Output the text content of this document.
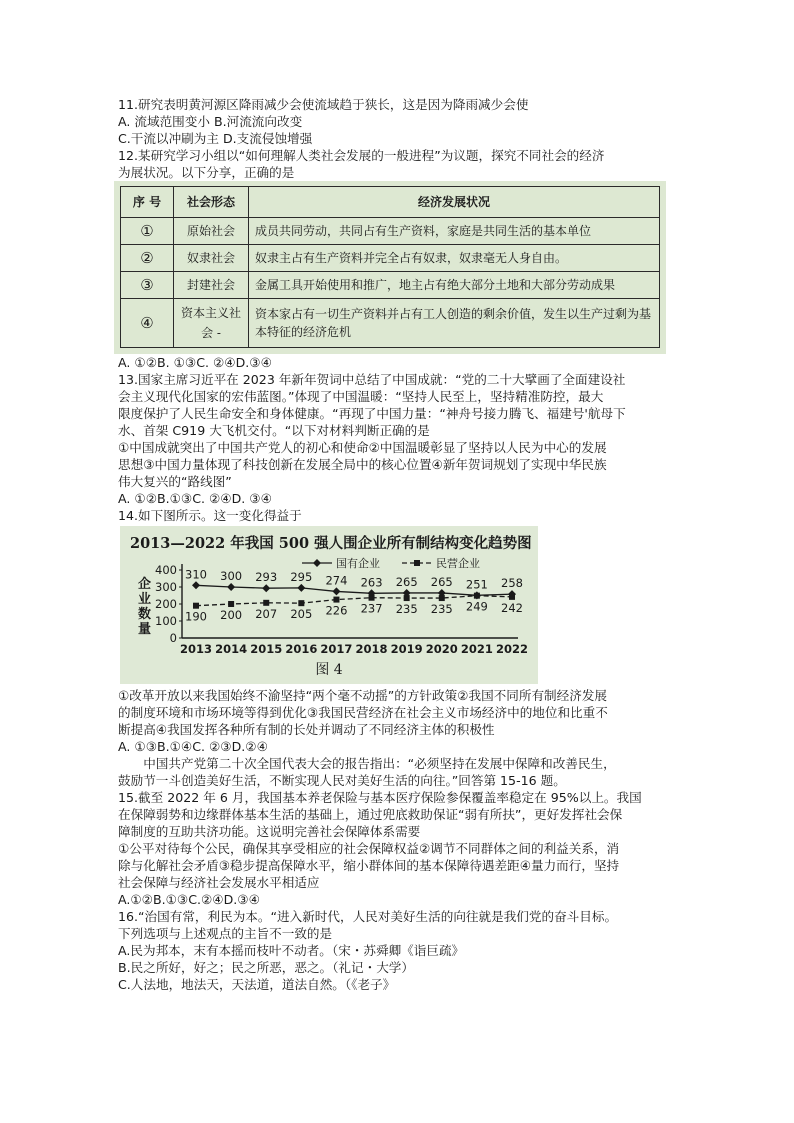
11.研究表明黄河源区降雨减少会使流域趋于狭长，这是因为降雨减少会使
A. 流域范围变小 B.河流流向改变
C.干流以冲刷为主 D.支流侵蚀增强
12.某研究学习小组以“如何理解人类社会发展的一般进程”为议题，探究不同社会的经济
为展状况。以下分享，正确的是
序 号	社会形态	经济发展状况
①	原始社会	成员共同劳动，共同占有生产资料，家庭是共同生活的基本单位
②	奴隶社会	奴隶主占有生产资料并完全占有奴隶，奴隶毫无人身自由。
③	封建社会	金属工具开始使用和推广，地主占有绝大部分土地和大部分劳动成果
④	资本主义社会 -	资本家占有一切生产资料并占有工人创造的剩余价值，发生以生产过剩为基本特征的经济危机
A. ①②B. ①③C. ②④D.③④
13.国家主席习近平在 2023 年新年贺词中总结了中国成就：“党的二十大擘画了全面建设社
会主义现代化国家的宏伟蓝图。”体现了中国温暖：“坚持人民至上，坚持精准防控，最大
限度保护了人民生命安全和身体健康。“再现了中国力量：“神舟号接力腾飞、福建号'航母下
水、首架 C919 大飞机交付。“以下对材料判断正确的是
①中国成就突出了中国共产党人的初心和使命②中国温暖彰显了坚持以人民为中心的发展
思想③中国力量体现了科技创新在发展全局中的核心位置④新年贺词规划了实现中华民族
伟大复兴的“路线图”
A. ①②B.①③C. ②④D. ③④
14.如下图所示。这一变化得益于
2013—2022 年我国 500 强人围企业所有制结构变化趋势图
400
300
200
100
0
企
业
数
量
2013 2014 2015 2016 2017 2018 2019 2020 2021 2022
310 300 293 295 274 263 265 265 251 258
190 200 207 205 226 237 235 235 249 242
国有企业	民营企业
图 4
①改革开放以来我国始终不渝坚持“两个毫不动摇”的方针政策②我国不同所有制经济发展
的制度环境和市场环境等得到优化③我国民营经济在社会主义市场经济中的地位和比重不
断提高④我国发挥各种所有制的长处并调动了不同经济主体的积极性
A. ①③B.①④C. ②③D.②④
中国共产党第二十次全国代表大会的报告指出：“必须坚持在发展中保障和改善民生，
鼓励节一斗创造美好生活，不断实现人民对美好生活的向往。”回答第 15-16 题。
15.截至 2022 年 6 月，我国基本养老保险与基本医疗保险参保覆盖率稳定在 95%以上。我国
在保障弱势和边缘群体基本生活的基础上，通过兜底救助保证“弱有所扶”，更好发挥社会保
障制度的互助共济功能。这说明完善社会保障体系需要
①公平对待每个公民，确保其享受相应的社会保障权益②调节不同群体之间的利益关系，消
除与化解社会矛盾③稳步提高保障水平，缩小群体间的基本保障待遇差距④量力而行，坚持
社会保障与经济社会发展水平相适应
A.①②B.①③C.②④D.③④
16.“治国有常，利民为本。“进入新时代，人民对美好生活的向往就是我们党的奋斗目标。
下列选项与上述观点的主旨不一致的是
A.民为邦本，末有本摇而枝叶不动者。（宋・苏舜卿《诣巨疏》
B.民之所好，好之；民之所恶，恶之。（礼记・大学）
C.人法地，地法天，天法道，道法自然。（《老子》
